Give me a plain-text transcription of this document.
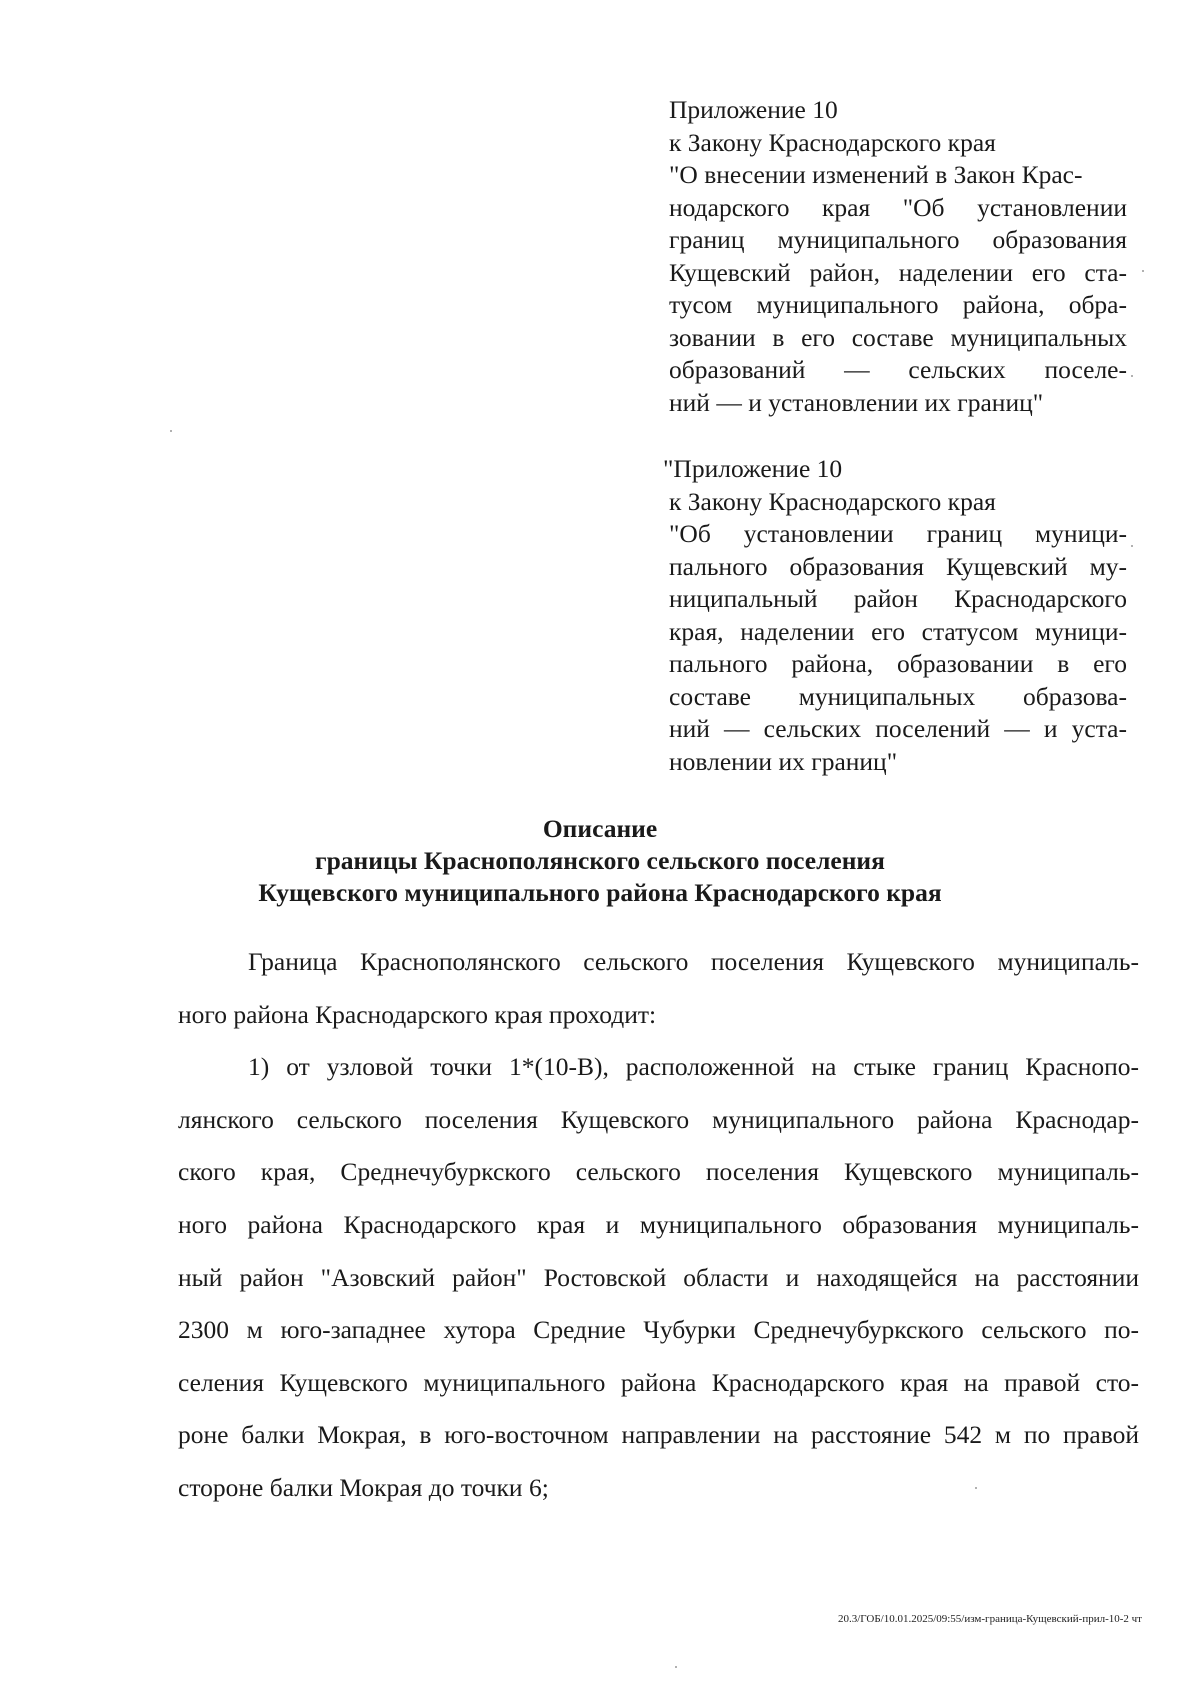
Приложение 10
к Закону Краснодарского края
"О внесении изменений в Закон Крас-
нодарского края "Об установлении
границ муниципального образования
Кущевский район, наделении его ста-
тусом муниципального района, обра-
зовании в его составе муниципальных
образований — сельских поселе-
ний — и установлении их границ"
"Приложение 10
к Закону Краснодарского края
"Об установлении границ муници-
пального образования Кущевский му-
ниципальный район Краснодарского
края, наделении его статусом муници-
пального района, образовании в его
составе муниципальных образова-
ний — сельских поселений — и уста-
новлении их границ"
Описание
границы Краснополянского сельского поселения
Кущевского муниципального района Краснодарского края
Граница Краснополянского сельского поселения Кущевского муниципаль-
ного района Краснодарского края проходит:
1) от узловой точки 1*(10-В), расположенной на стыке границ Краснопо-
лянского сельского поселения Кущевского муниципального района Краснодар-
ского края, Среднечубуркского сельского поселения Кущевского муниципаль-
ного района Краснодарского края и муниципального образования муниципаль-
ный район "Азовский район" Ростовской области и находящейся на расстоянии
2300 м юго-западнее хутора Средние Чубурки Среднечубуркского сельского по-
селения Кущевского муниципального района Краснодарского края на правой сто-
роне балки Мокрая, в юго-восточном направлении на расстояние 542 м по правой
стороне балки Мокрая до точки 6;
20.3/ГОБ/10.01.2025/09:55/изм-граница-Кущевский-прил-10-2 чт
